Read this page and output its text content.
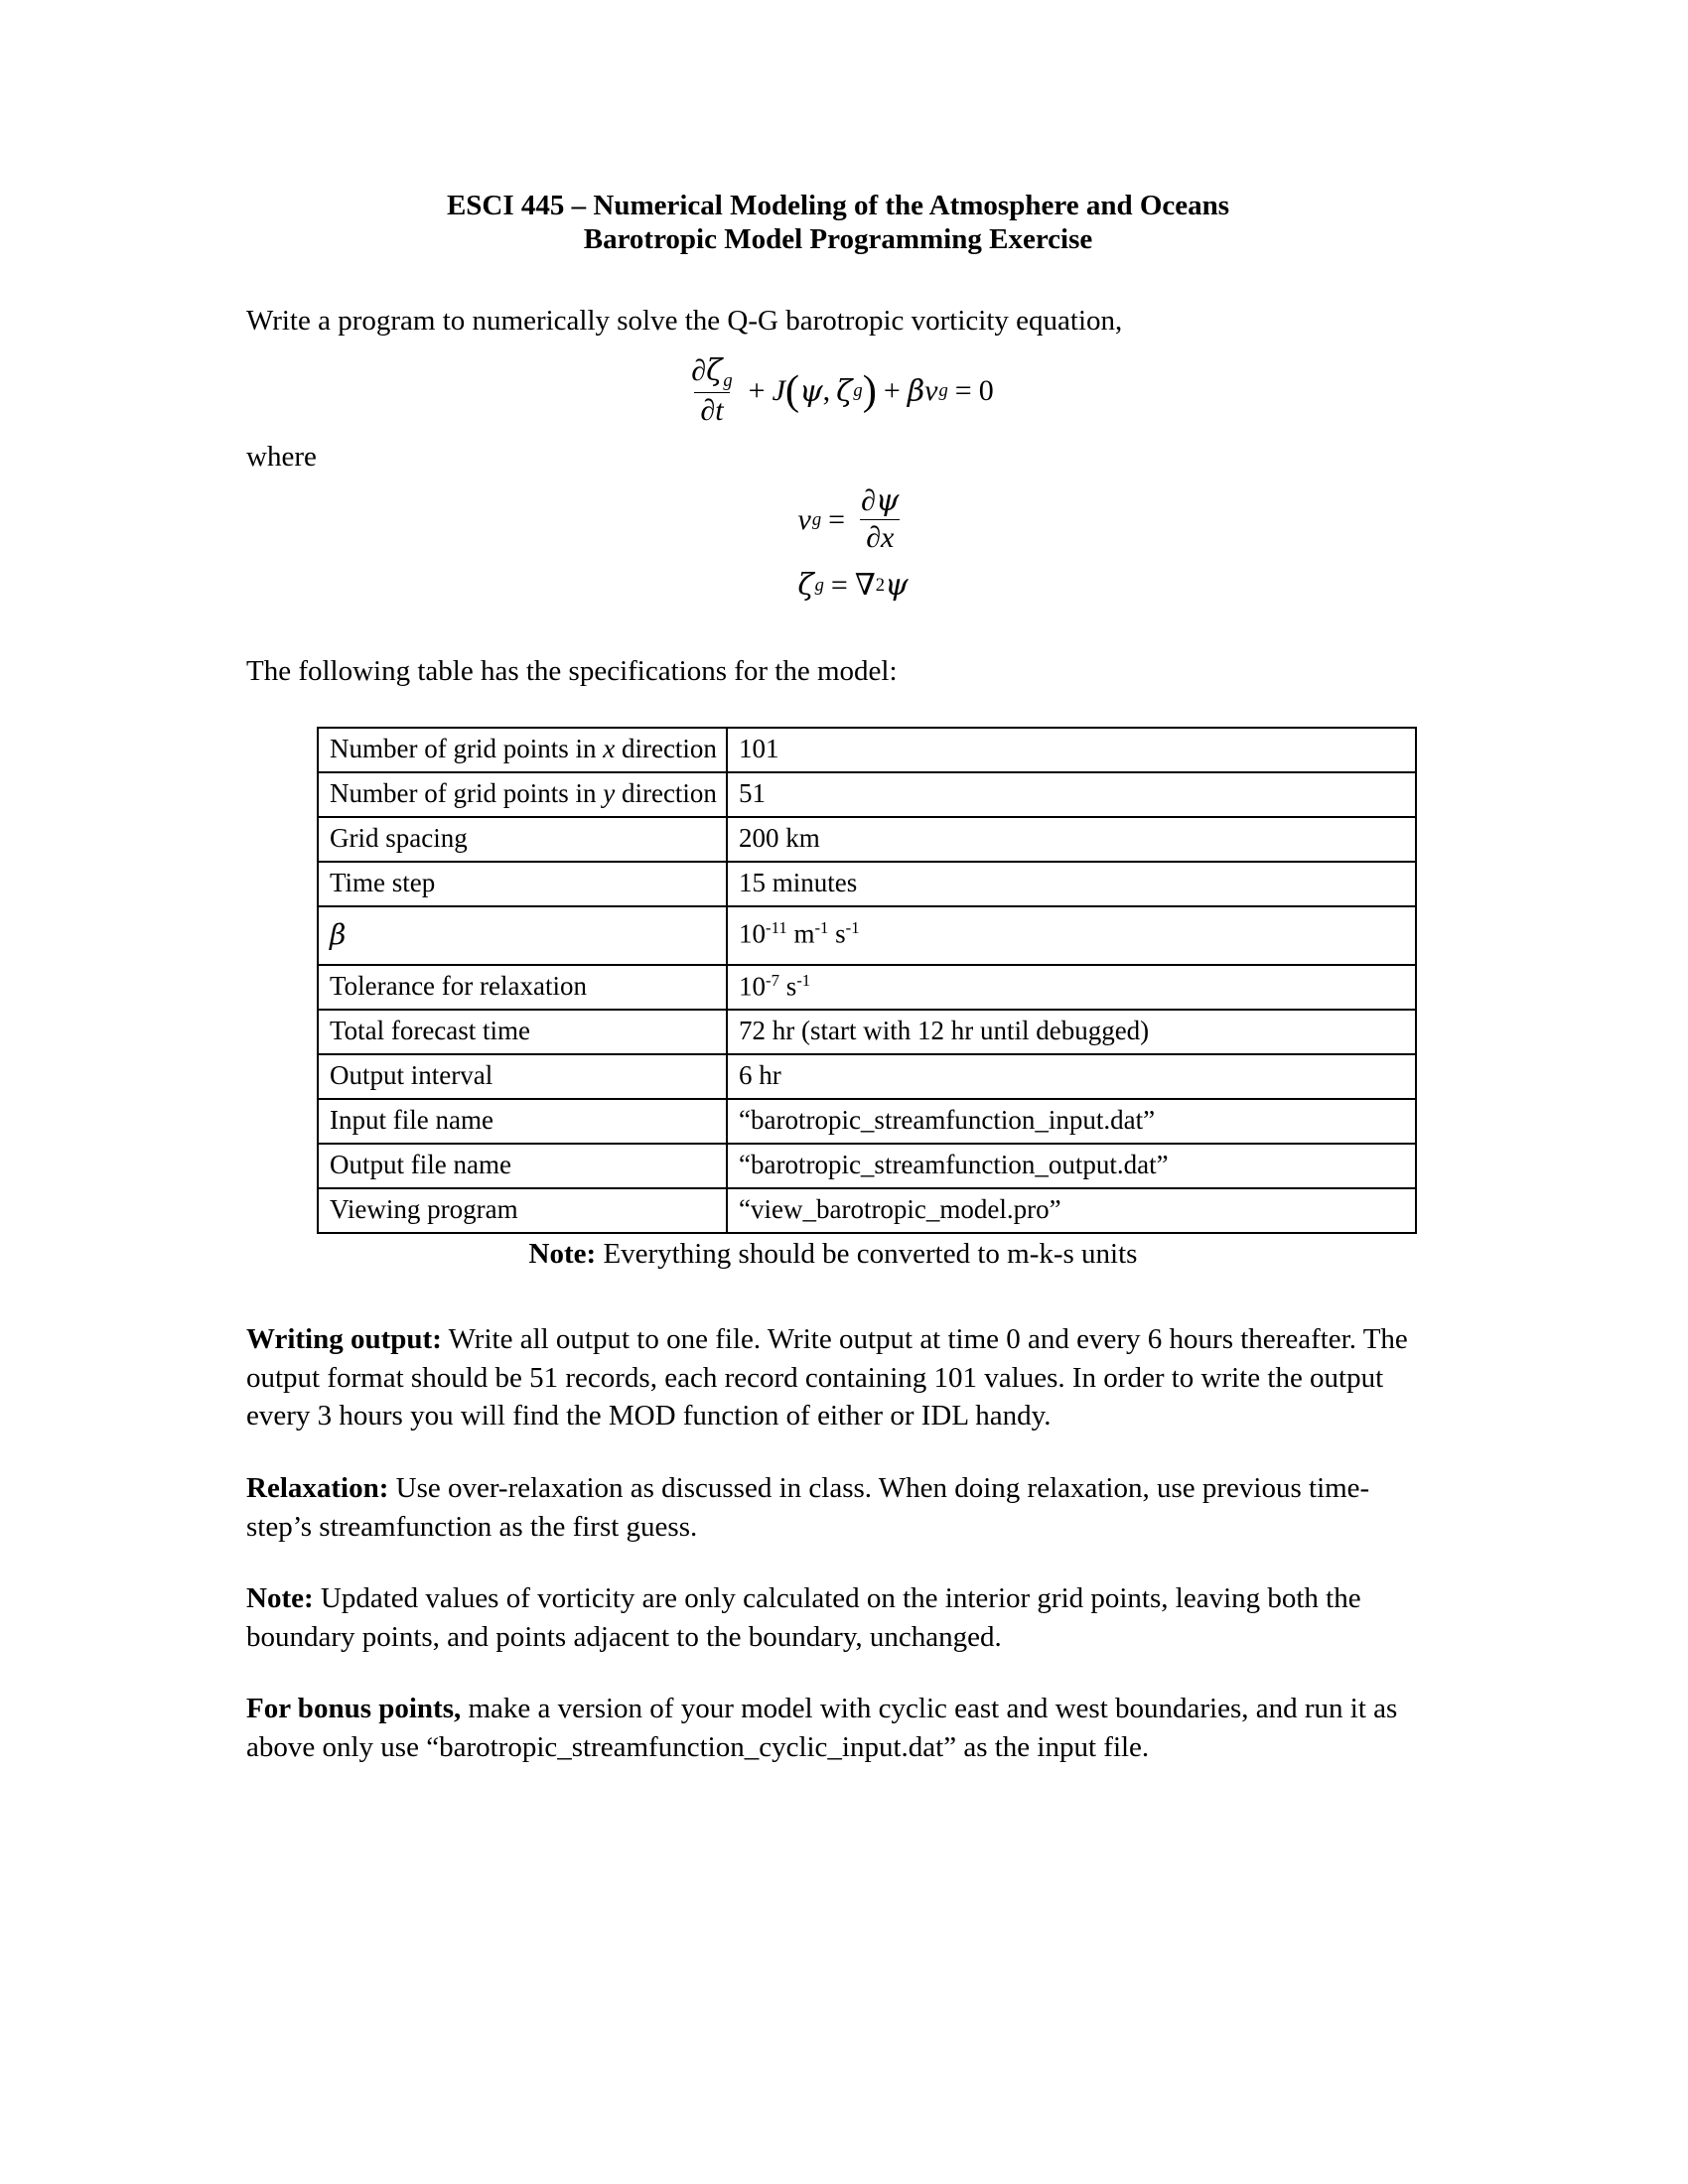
ESCI 445 – Numerical Modeling of the Atmosphere and Oceans
Barotropic Model Programming Exercise

Write a program to numerically solve the Q-G barotropic vorticity equation,

$\frac{\partial\zeta_g}{\partial t} + J$ ( ψ , ζ g ) + β v g = 0

where

v $g = \frac{\partial\psi}{\partial x}$
ζ g = ∇ 2 ψ

The following table has the specifications for the model:

Number of grid points in x direction	101
Number of grid points in y direction	51
Grid spacing	200 km
Time step	15 minutes
β	$10^{-11}$ $m^{-1}$ $s^{-1}$
Tolerance for relaxation	$10^{-7}$ $s^{-1}$
Total forecast time	72 hr (start with 12 hr until debugged)
Output interval	6 hr
Input file name	“barotropic_streamfunction_input.dat”
Output file name	“barotropic_streamfunction_output.dat”
Viewing program	“view_barotropic_model.pro”
Note: Everything should be converted to m-k-s units

Writing output: Write all output to one file. Write output at time 0 and every 6 hours thereafter. The output format should be 51 records, each record containing 101 values. In order to write the output every 3 hours you will find the MOD function of either or IDL handy.

Relaxation: Use over-relaxation as discussed in class. When doing relaxation, use previous time-step’s streamfunction as the first guess.

Note: Updated values of vorticity are only calculated on the interior grid points, leaving both the boundary points, and points adjacent to the boundary, unchanged.

For bonus points, make a version of your model with cyclic east and west boundaries, and run it as above only use “barotropic_streamfunction_cyclic_input.dat” as the input file.
